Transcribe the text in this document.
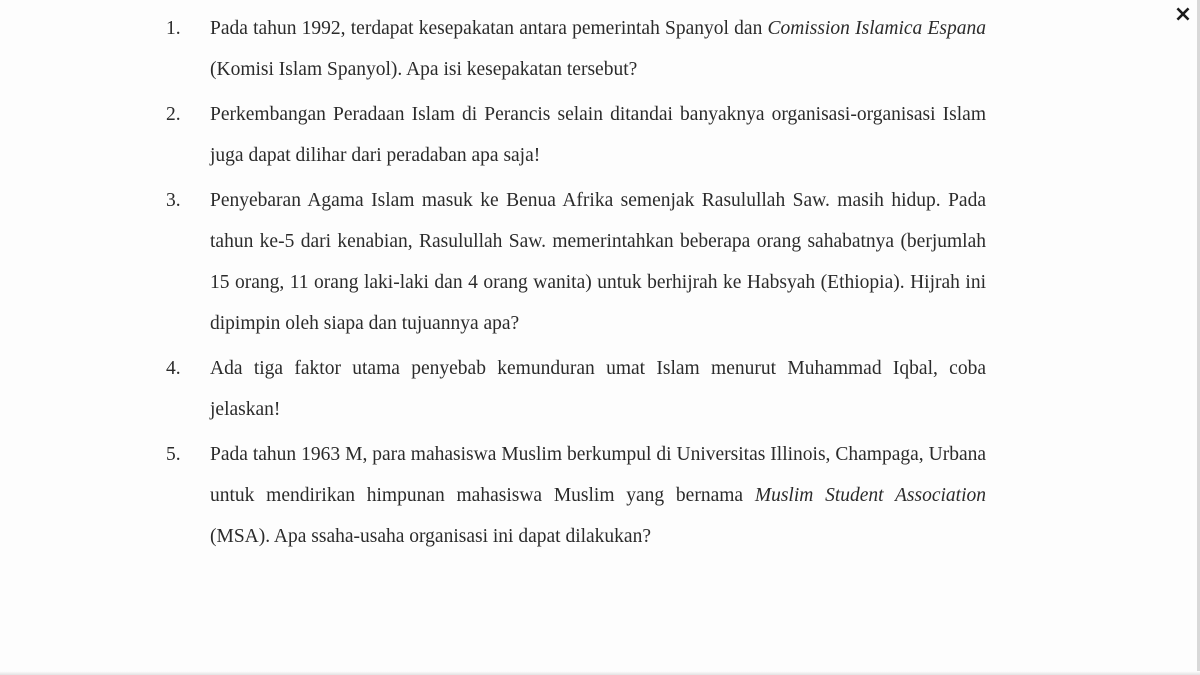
×
1.	Pada tahun 1992, terdapat kesepakatan antara pemerintah Spanyol dan Comission Islamica Espana (Komisi Islam Spanyol). Apa isi kesepakatan tersebut?
2.	Perkembangan Peradaan Islam di Perancis selain ditandai banyaknya organisasi-organisasi Islam juga dapat dilihar dari peradaban apa saja!
3.	Penyebaran Agama Islam masuk ke Benua Afrika semenjak Rasulullah Saw. masih hidup. Pada tahun ke-5 dari kenabian, Rasulullah Saw. memerintahkan beberapa orang sahabatnya (berjumlah 15 orang, 11 orang laki-laki dan 4 orang wanita) untuk berhijrah ke Habsyah (Ethiopia). Hijrah ini dipimpin oleh siapa dan tujuannya apa?
4.	Ada tiga faktor utama penyebab kemunduran umat Islam menurut Muhammad Iqbal, coba jelaskan!
5.	Pada tahun 1963 M, para mahasiswa Muslim berkumpul di Universitas Illinois, Champaga, Urbana untuk mendirikan himpunan mahasiswa Muslim yang bernama Muslim Student Association (MSA). Apa ssaha-usaha organisasi ini dapat dilakukan?
